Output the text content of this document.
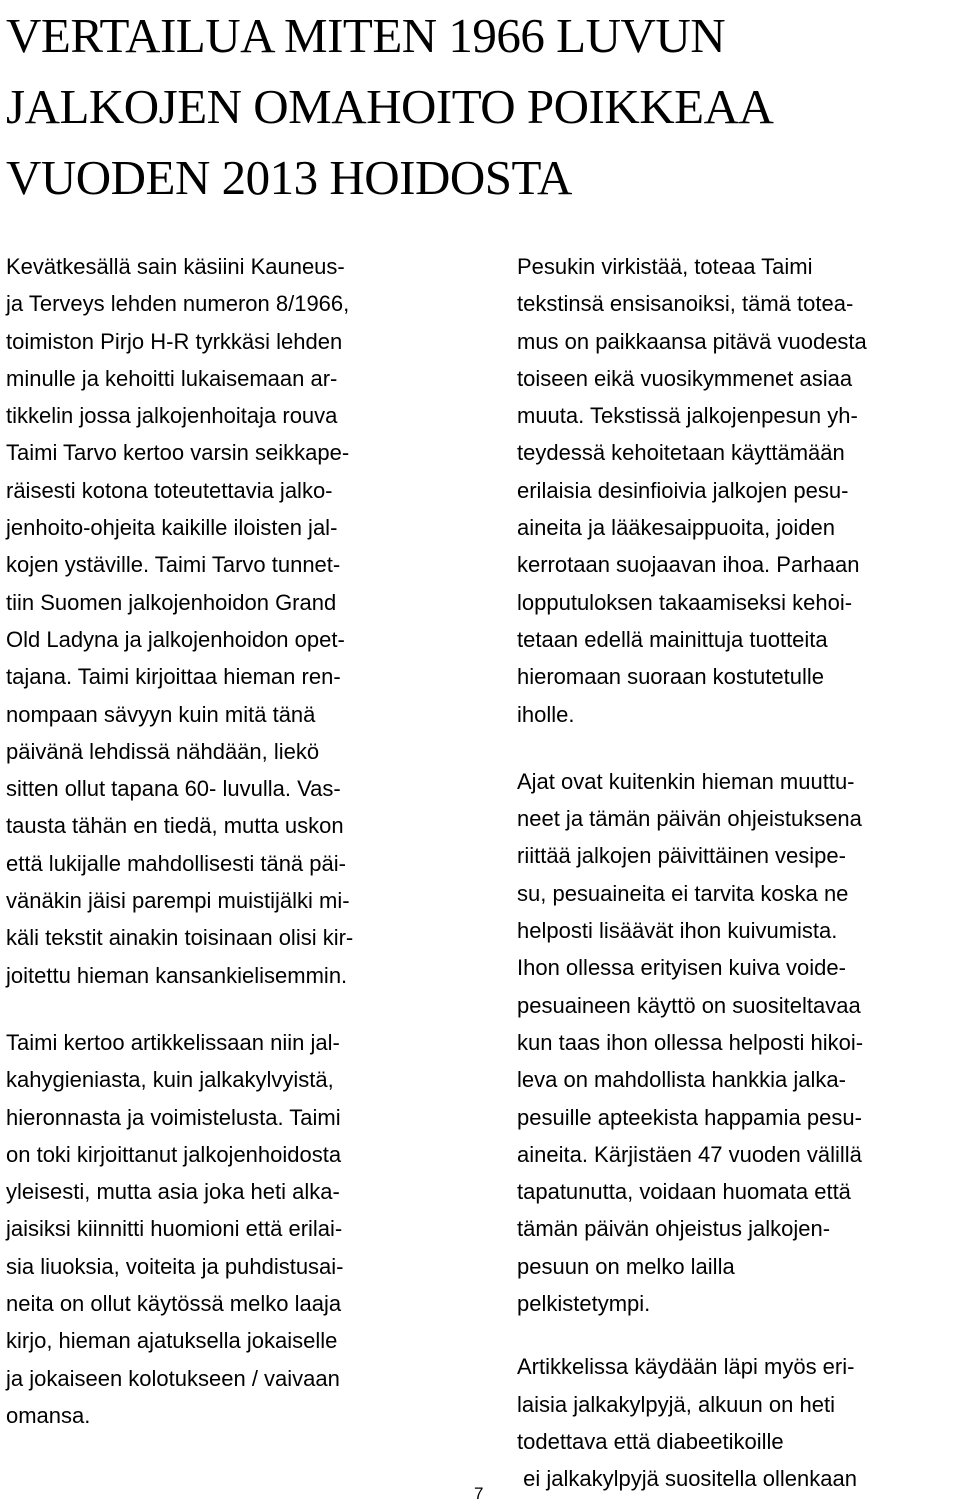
VERTAILUA MITEN 1966 LUVUN
JALKOJEN OMAHOITO POIKKEAA
VUODEN 2013 HOIDOSTA
Kevätkesällä sain käsiini Kauneus-
ja Terveys lehden numeron 8/1966,
toimiston Pirjo H-R tyrkkäsi lehden
minulle ja kehoitti lukaisemaan ar-
tikkelin jossa jalkojenhoitaja rouva
Taimi Tarvo kertoo varsin seikkape-
räisesti kotona toteutettavia jalko-
jenhoito-ohjeita kaikille iloisten jal-
kojen ystäville. Taimi Tarvo tunnet-
tiin Suomen jalkojenhoidon Grand
Old Ladyna ja jalkojenhoidon opet-
tajana. Taimi kirjoittaa hieman ren-
nompaan sävyyn kuin mitä tänä
päivänä lehdissä nähdään, liekö
sitten ollut tapana 60- luvulla. Vas-
tausta tähän en tiedä, mutta uskon
että lukijalle mahdollisesti tänä päi-
vänäkin jäisi parempi muistijälki mi-
käli tekstit ainakin toisinaan olisi kir-
joitettu hieman kansankielisemmin.
Taimi kertoo artikkelissaan niin jal-
kahygieniasta, kuin jalkakylvyistä,
hieronnasta ja voimistelusta. Taimi
on toki kirjoittanut jalkojenhoidosta
yleisesti, mutta asia joka heti alka-
jaisiksi kiinnitti huomioni että erilai-
sia liuoksia, voiteita ja puhdistusai-
neita on ollut käytössä melko laaja
kirjo, hieman ajatuksella jokaiselle
ja jokaiseen kolotukseen / vaivaan
omansa.
Pesukin virkistää, toteaa Taimi
tekstinsä ensisanoiksi, tämä totea-
mus on paikkaansa pitävä vuodesta
toiseen eikä vuosikymmenet asiaa
muuta. Tekstissä jalkojenpesun yh-
teydessä kehoitetaan käyttämään
erilaisia desinfioivia jalkojen pesu-
aineita ja lääkesaippuoita, joiden
kerrotaan suojaavan ihoa. Parhaan
lopputuloksen takaamiseksi kehoi-
tetaan edellä mainittuja tuotteita
hieromaan suoraan kostutetulle
iholle.
Ajat ovat kuitenkin hieman muuttu-
neet ja tämän päivän ohjeistuksena
riittää jalkojen päivittäinen vesipe-
su, pesuaineita ei tarvita koska ne
helposti lisäävät ihon kuivumista.
Ihon ollessa erityisen kuiva voide-
pesuaineen käyttö on suositeltavaa
kun taas ihon ollessa helposti hikoi-
leva on mahdollista hankkia jalka-
pesuille apteekista happamia pesu-
aineita. Kärjistäen 47 vuoden välillä
tapatunutta, voidaan huomata että
tämän päivän ohjeistus jalkojen-
pesuun on melko lailla
pelkistetympi.
Artikkelissa käydään läpi myös eri-
laisia jalkakylpyjä, alkuun on heti
todettava että diabeetikoille
ei jalkakylpyjä suositella ollenkaan
7
